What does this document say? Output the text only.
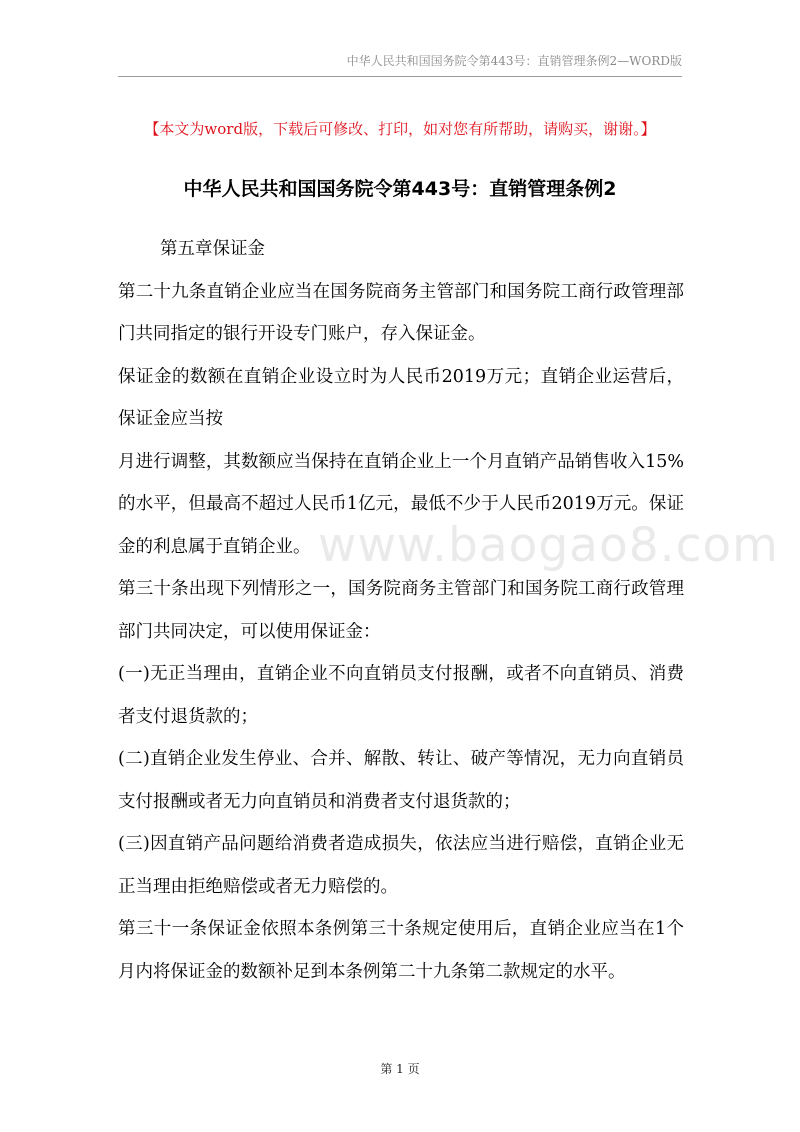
中华人民共和国国务院令第443号：直销管理条例2—WORD版
【本文为word版，下载后可修改、打印，如对您有所帮助，请购买，谢谢。】
中华人民共和国国务院令第443号：直销管理条例2

第五章保证金

第二十九条直销企业应当在国务院商务主管部门和国务院工商行政管理部门共同指定的银行开设专门账户，存入保证金。

保证金的数额在直销企业设立时为人民币2019万元；直销企业运营后，保证金应当按

月进行调整，其数额应当保持在直销企业上一个月直销产品销售收入15%的水平，但最高不超过人民币1亿元，最低不少于人民币2019万元。保证金的利息属于直销企业。

第三十条出现下列情形之一，国务院商务主管部门和国务院工商行政管理部门共同决定，可以使用保证金：

(一)无正当理由，直销企业不向直销员支付报酬，或者不向直销员、消费者支付退货款的；

(二)直销企业发生停业、合并、解散、转让、破产等情况，无力向直销员支付报酬或者无力向直销员和消费者支付退货款的；

(三)因直销产品问题给消费者造成损失，依法应当进行赔偿，直销企业无正当理由拒绝赔偿或者无力赔偿的。

第三十一条保证金依照本条例第三十条规定使用后，直销企业应当在1个月内将保证金的数额补足到本条例第二十九条第二款规定的水平。

www.baogao8.com
第 1 页
